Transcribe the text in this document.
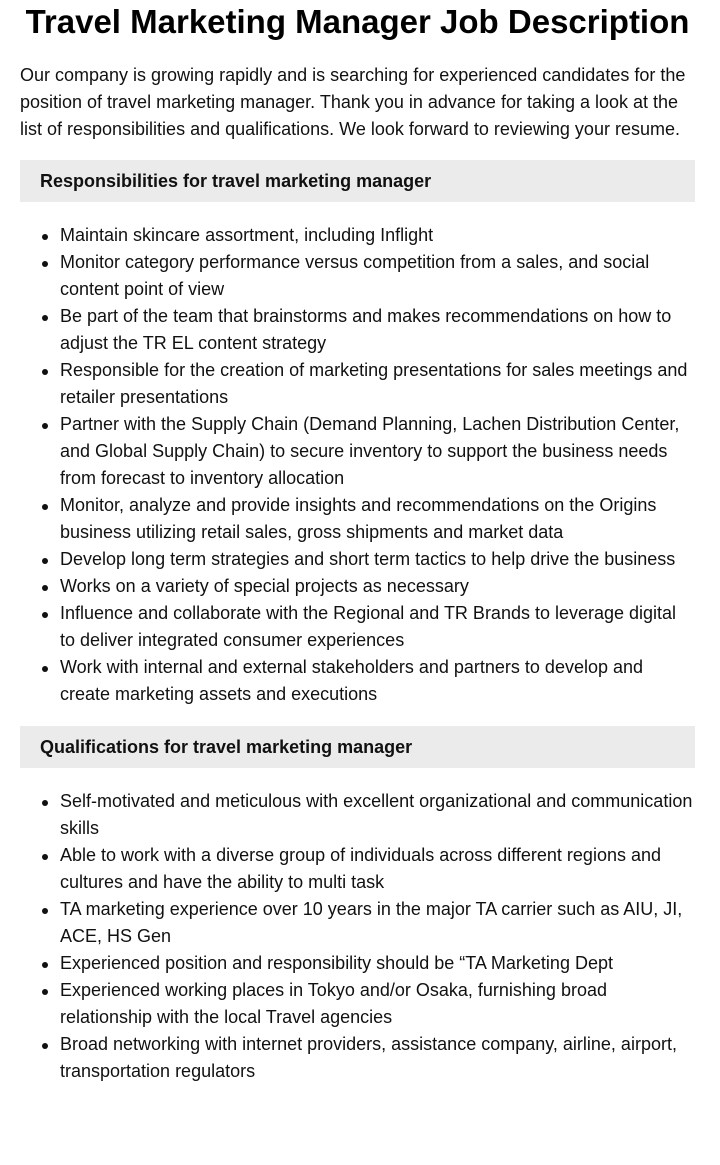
Travel Marketing Manager Job Description

Our company is growing rapidly and is searching for experienced candidates for the position of travel marketing manager. Thank you in advance for taking a look at the list of responsibilities and qualifications. We look forward to reviewing your resume.

Responsibilities for travel marketing manager
Maintain skincare assortment, including Inflight
Monitor category performance versus competition from a sales, and social content point of view
Be part of the team that brainstorms and makes recommendations on how to adjust the TR EL content strategy
Responsible for the creation of marketing presentations for sales meetings and retailer presentations
Partner with the Supply Chain (Demand Planning, Lachen Distribution Center, and Global Supply Chain) to secure inventory to support the business needs from forecast to inventory allocation
Monitor, analyze and provide insights and recommendations on the Origins business utilizing retail sales, gross shipments and market data
Develop long term strategies and short term tactics to help drive the business
Works on a variety of special projects as necessary
Influence and collaborate with the Regional and TR Brands to leverage digital to deliver integrated consumer experiences
Work with internal and external stakeholders and partners to develop and create marketing assets and executions
Qualifications for travel marketing manager
Self-motivated and meticulous with excellent organizational and communication skills
Able to work with a diverse group of individuals across different regions and cultures and have the ability to multi task
TA marketing experience over 10 years in the major TA carrier such as AIU, JI, ACE, HS Gen
Experienced position and responsibility should be “TA Marketing Dept
Experienced working places in Tokyo and/or Osaka, furnishing broad relationship with the local Travel agencies
Broad networking with internet providers, assistance company, airline, airport, transportation regulators
